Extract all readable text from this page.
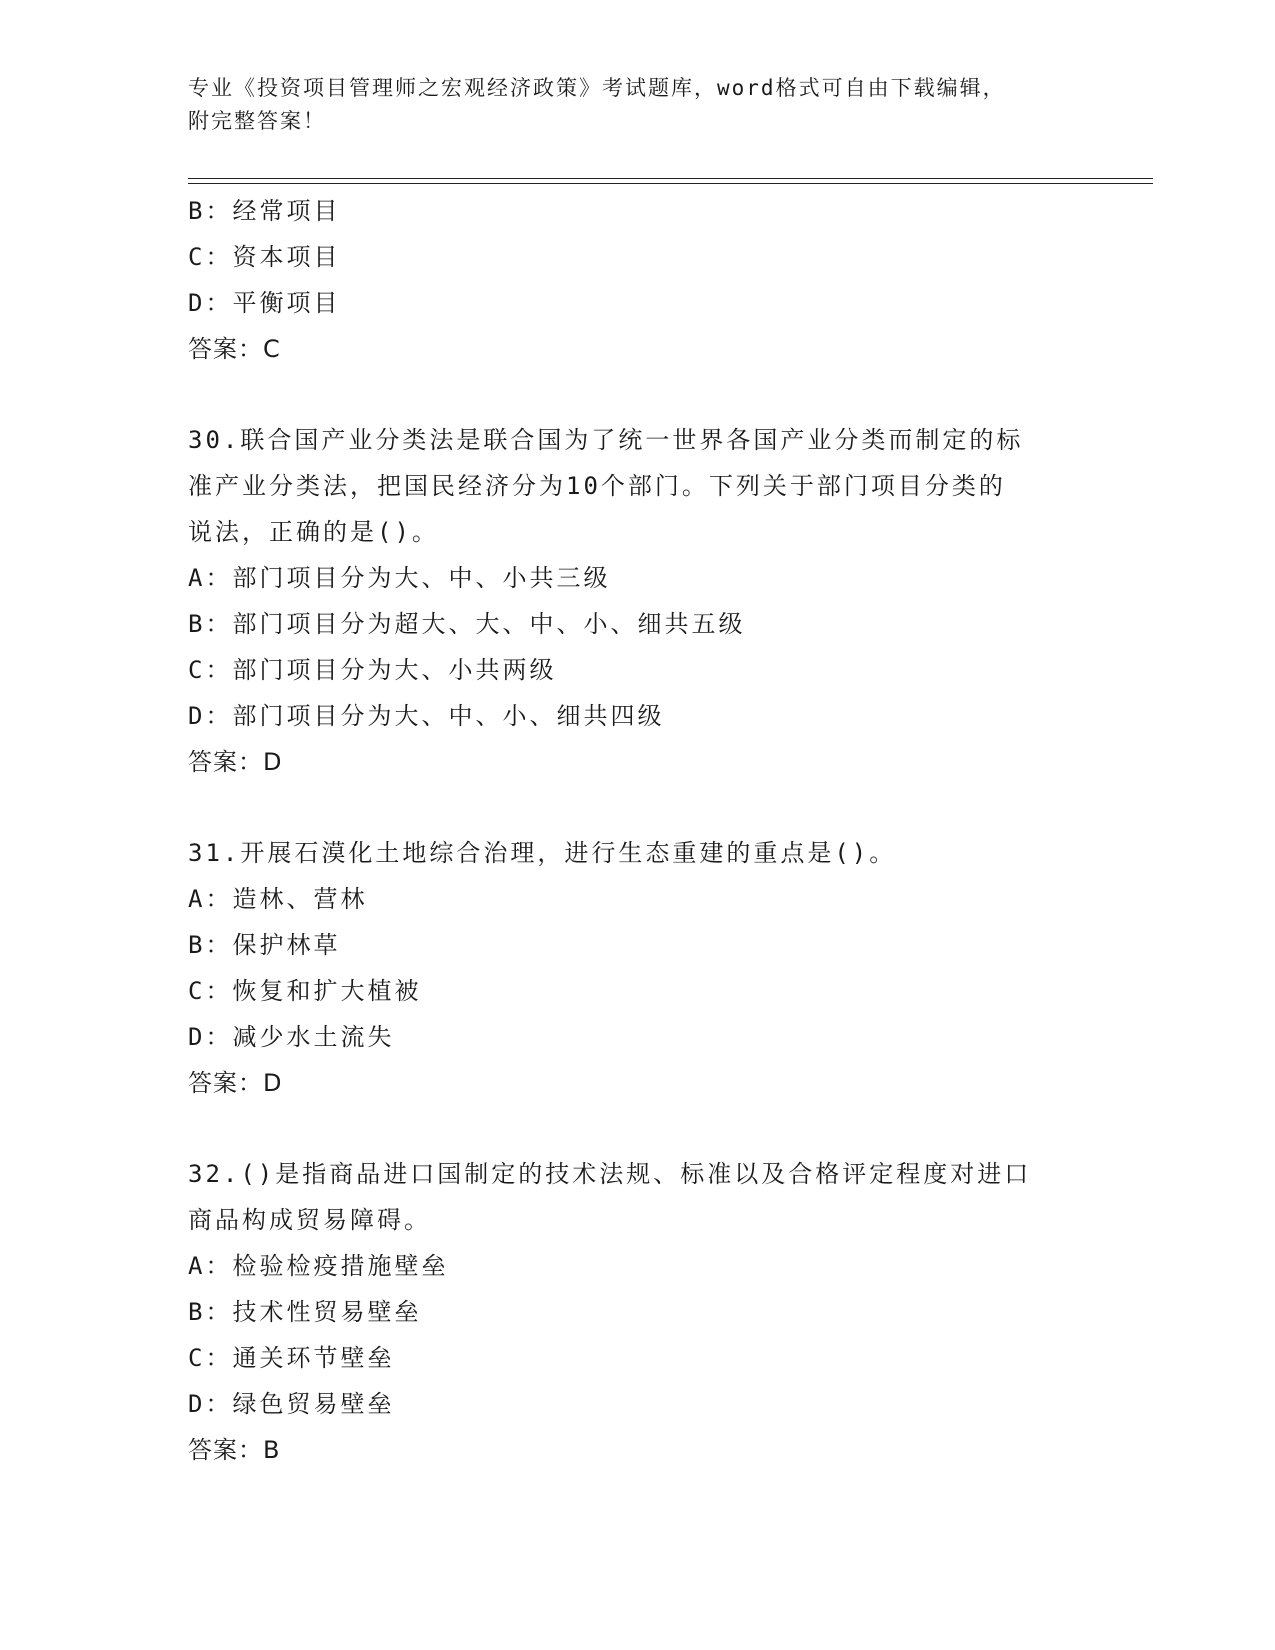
专业《投资项目管理师之宏观经济政策》考试题库，word格式可自由下载编辑，
附完整答案！
B：经常项目
C：资本项目
D：平衡项目
答案：C
30.联合国产业分类法是联合国为了统一世界各国产业分类而制定的标
准产业分类法，把国民经济分为10个部门。下列关于部门项目分类的
说法，正确的是()。
A：部门项目分为大、中、小共三级
B：部门项目分为超大、大、中、小、细共五级
C：部门项目分为大、小共两级
D：部门项目分为大、中、小、细共四级
答案：D
31.开展石漠化土地综合治理，进行生态重建的重点是()。
A：造林、营林
B：保护林草
C：恢复和扩大植被
D：减少水土流失
答案：D
32.()是指商品进口国制定的技术法规、标准以及合格评定程度对进口
商品构成贸易障碍。
A：检验检疫措施壁垒
B：技术性贸易壁垒
C：通关环节壁垒
D：绿色贸易壁垒
答案：B
